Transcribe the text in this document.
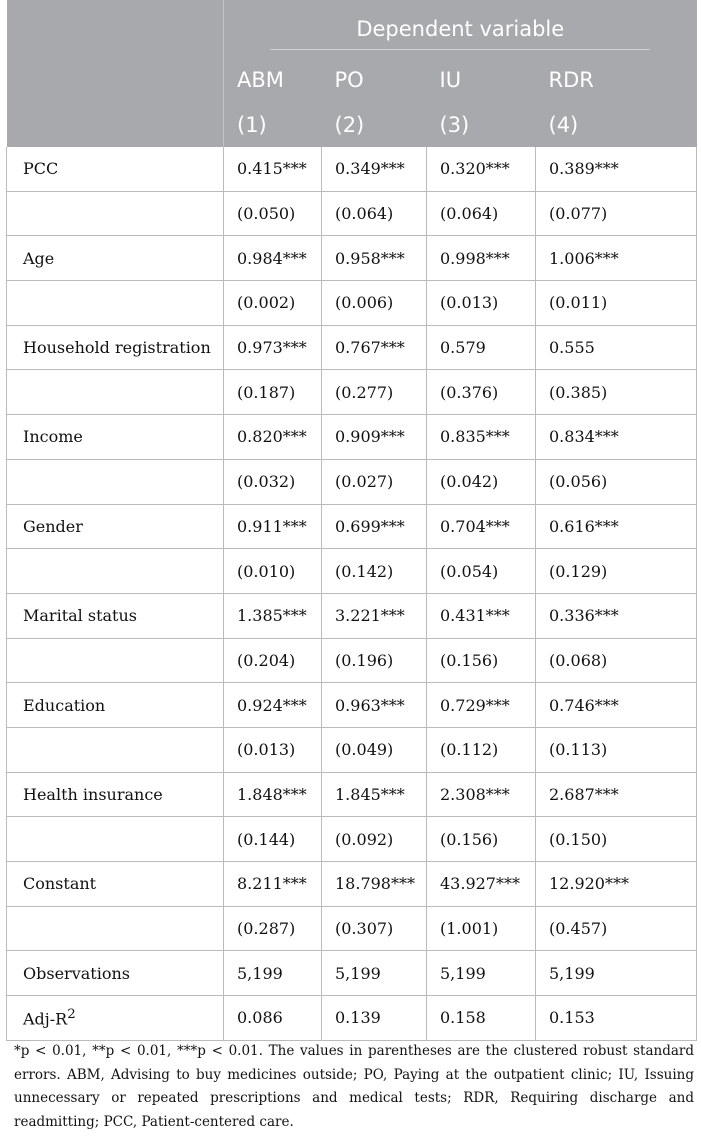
	Dependent variable			
	ABM	PO	IU	RDR
	(1)	(2)	(3)	(4)
PCC	0.415***	0.349***	0.320***	0.389***
	(0.050)	(0.064)	(0.064)	(0.077)
Age	0.984***	0.958***	0.998***	1.006***
	(0.002)	(0.006)	(0.013)	(0.011)
Household registration	0.973***	0.767***	0.579	0.555
	(0.187)	(0.277)	(0.376)	(0.385)
Income	0.820***	0.909***	0.835***	0.834***
	(0.032)	(0.027)	(0.042)	(0.056)
Gender	0.911***	0.699***	0.704***	0.616***
	(0.010)	(0.142)	(0.054)	(0.129)
Marital status	1.385***	3.221***	0.431***	0.336***
	(0.204)	(0.196)	(0.156)	(0.068)
Education	0.924***	0.963***	0.729***	0.746***
	(0.013)	(0.049)	(0.112)	(0.113)
Health insurance	1.848***	1.845***	2.308***	2.687***
	(0.144)	(0.092)	(0.156)	(0.150)
Constant	8.211***	18.798***	43.927***	12.920***
	(0.287)	(0.307)	(1.001)	(0.457)
Observations	5,199	5,199	5,199	5,199
Adj-$R^2$	0.086	0.139	0.158	0.153

*p < 0.01, **p < 0.01, ***p < 0.01. The values in parentheses are the clustered robust standard errors. ABM, Advising to buy medicines outside; PO, Paying at the outpatient clinic; IU, Issuing unnecessary or repeated prescriptions and medical tests; RDR, Requiring discharge and readmitting; PCC, Patient-centered care.
